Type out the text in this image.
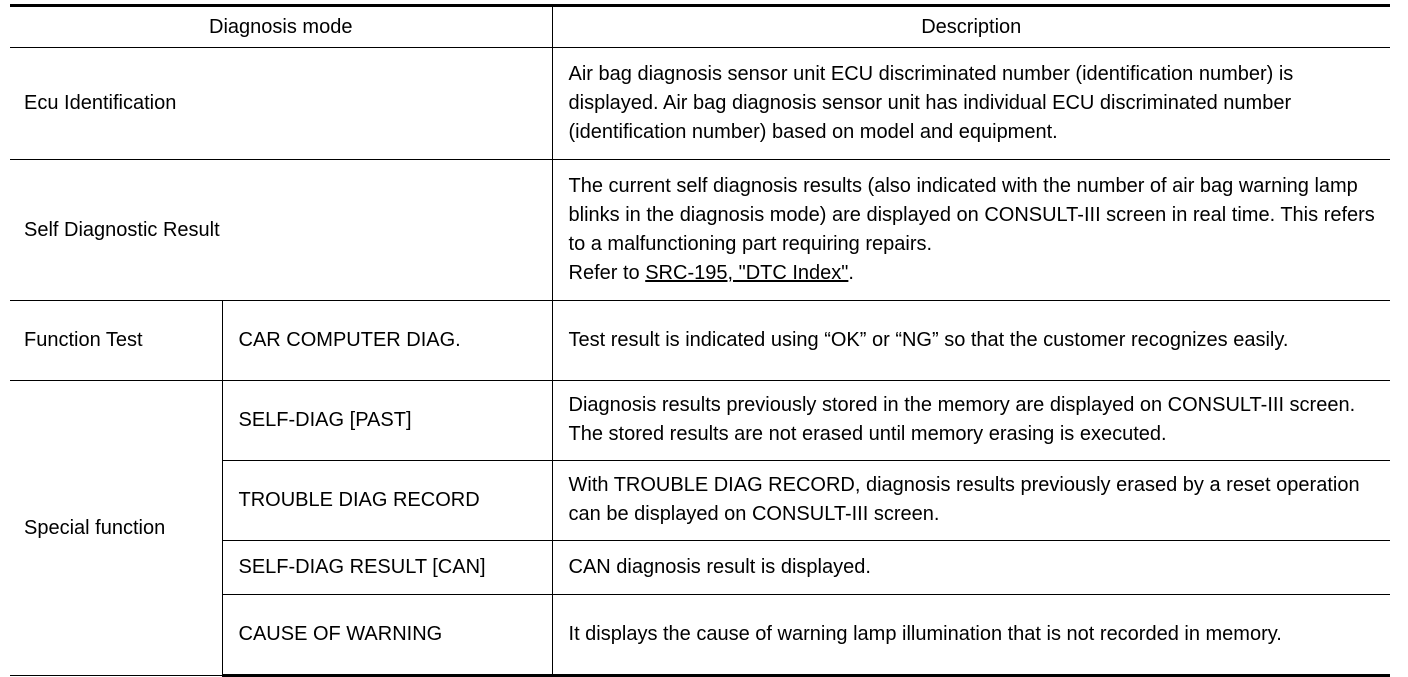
Diagnosis mode		Description
Ecu Identification		Air bag diagnosis sensor unit ECU discriminated number (identification number) is displayed. Air bag diagnosis sensor unit has individual ECU discriminated number (identification number) based on model and equipment.
Self Diagnostic Result		The current self diagnosis results (also indicated with the number of air bag warning lamp blinks in the diagnosis mode) are displayed on CONSULT-III screen in real time. This refers to a malfunctioning part requiring repairs.
Refer to SRC-195, "DTC Index".
Function Test	CAR COMPUTER DIAG.	Test result is indicated using “OK” or “NG” so that the customer recognizes easily.
Special function	SELF-DIAG [PAST]	Diagnosis results previously stored in the memory are displayed on CONSULT-III screen. The stored results are not erased until memory erasing is executed.
	TROUBLE DIAG RECORD	With TROUBLE DIAG RECORD, diagnosis results previously erased by a reset operation can be displayed on CONSULT-III screen.
	SELF-DIAG RESULT [CAN]	CAN diagnosis result is displayed.
	CAUSE OF WARNING	It displays the cause of warning lamp illumination that is not recorded in memory.
